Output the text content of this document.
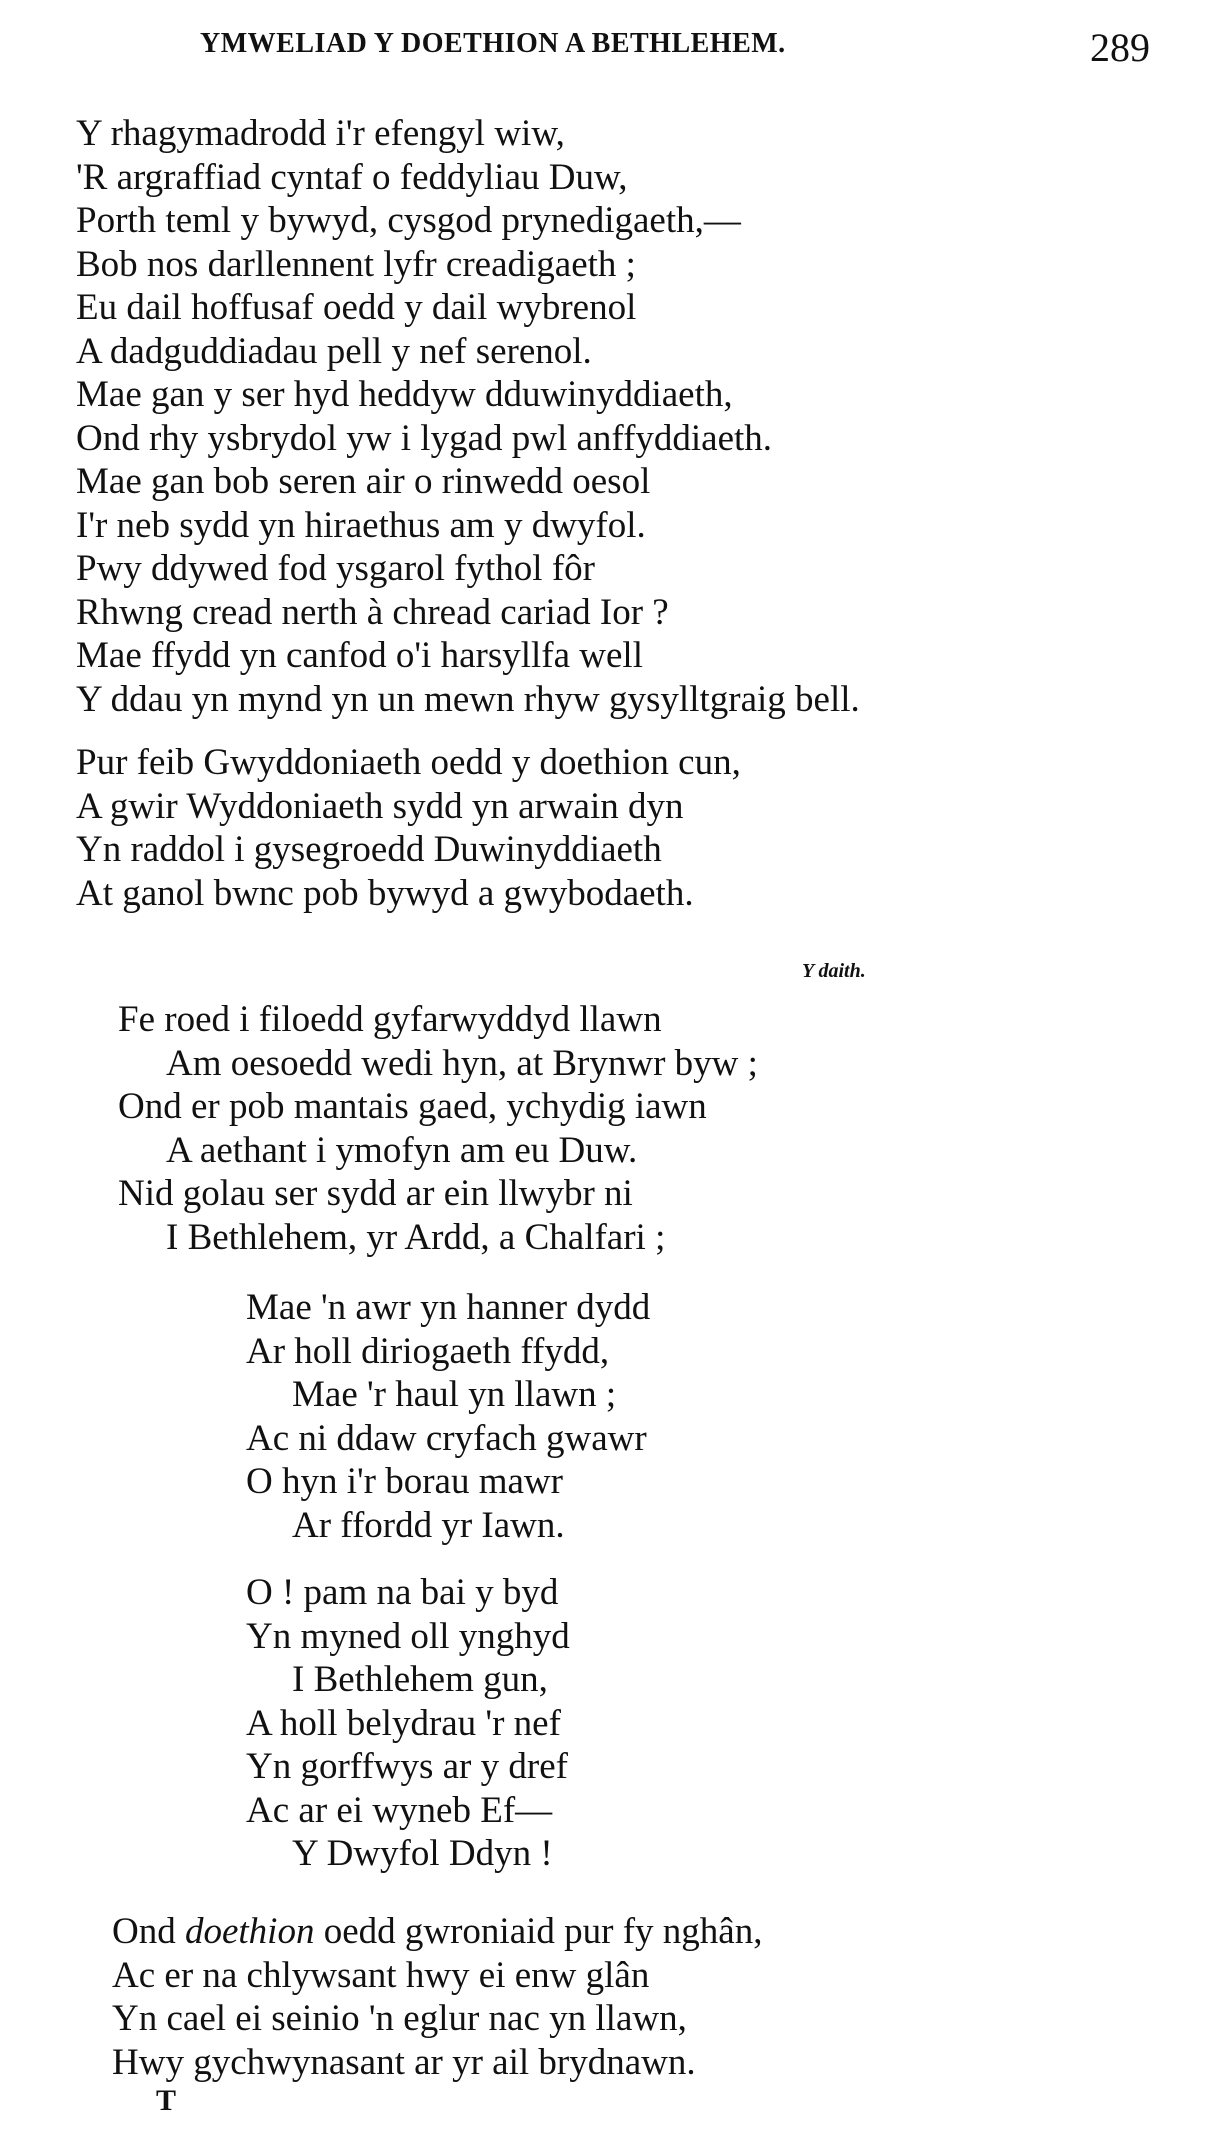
YMWELIAD Y DOETHION A BETHLEHEM.	289
Y rhagymadrodd i'r efengyl wiw,
'R argraffiad cyntaf o feddyliau Duw,
Porth teml y bywyd, cysgod prynedigaeth,—
Bob nos darllennent lyfr creadigaeth ;
Eu dail hoffusaf oedd y dail wybrenol
A dadguddiadau pell y nef serenol.
Mae gan y ser hyd heddyw dduwinyddiaeth,
Ond rhy ysbrydol yw i lygad pwl anffyddiaeth.
Mae gan bob seren air o rinwedd oesol
I'r neb sydd yn hiraethus am y dwyfol.
Pwy ddywed fod ysgarol fythol fôr
Rhwng cread nerth à chread cariad Ior ?
Mae ffydd yn canfod o'i harsyllfa well
Y ddau yn mynd yn un mewn rhyw gysylltgraig bell.
Pur feib Gwyddoniaeth oedd y doethion cun,
A gwir Wyddoniaeth sydd yn arwain dyn
Yn raddol i gysegroedd Duwinyddiaeth
At ganol bwnc pob bywyd a gwybodaeth.
Y daith.
Fe roed i filoedd gyfarwyddyd llawn
Am oesoedd wedi hyn, at Brynwr byw ;
Ond er pob mantais gaed, ychydig iawn
A aethant i ymofyn am eu Duw.
Nid golau ser sydd ar ein llwybr ni
I Bethlehem, yr Ardd, a Chalfari ;
Mae 'n awr yn hanner dydd
Ar holl diriogaeth ffydd,
Mae 'r haul yn llawn ;
Ac ni ddaw cryfach gwawr
O hyn i'r borau mawr
Ar ffordd yr Iawn.
O ! pam na bai y byd
Yn myned oll ynghyd
I Bethlehem gun,
A holl belydrau 'r nef
Yn gorffwys ar y dref
Ac ar ei wyneb Ef—
Y Dwyfol Ddyn !
Ond doethion oedd gwroniaid pur fy nghân,
Ac er na chlywsant hwy ei enw glân
Yn cael ei seinio 'n eglur nac yn llawn,
Hwy gychwynasant ar yr ail brydnawn.
T
